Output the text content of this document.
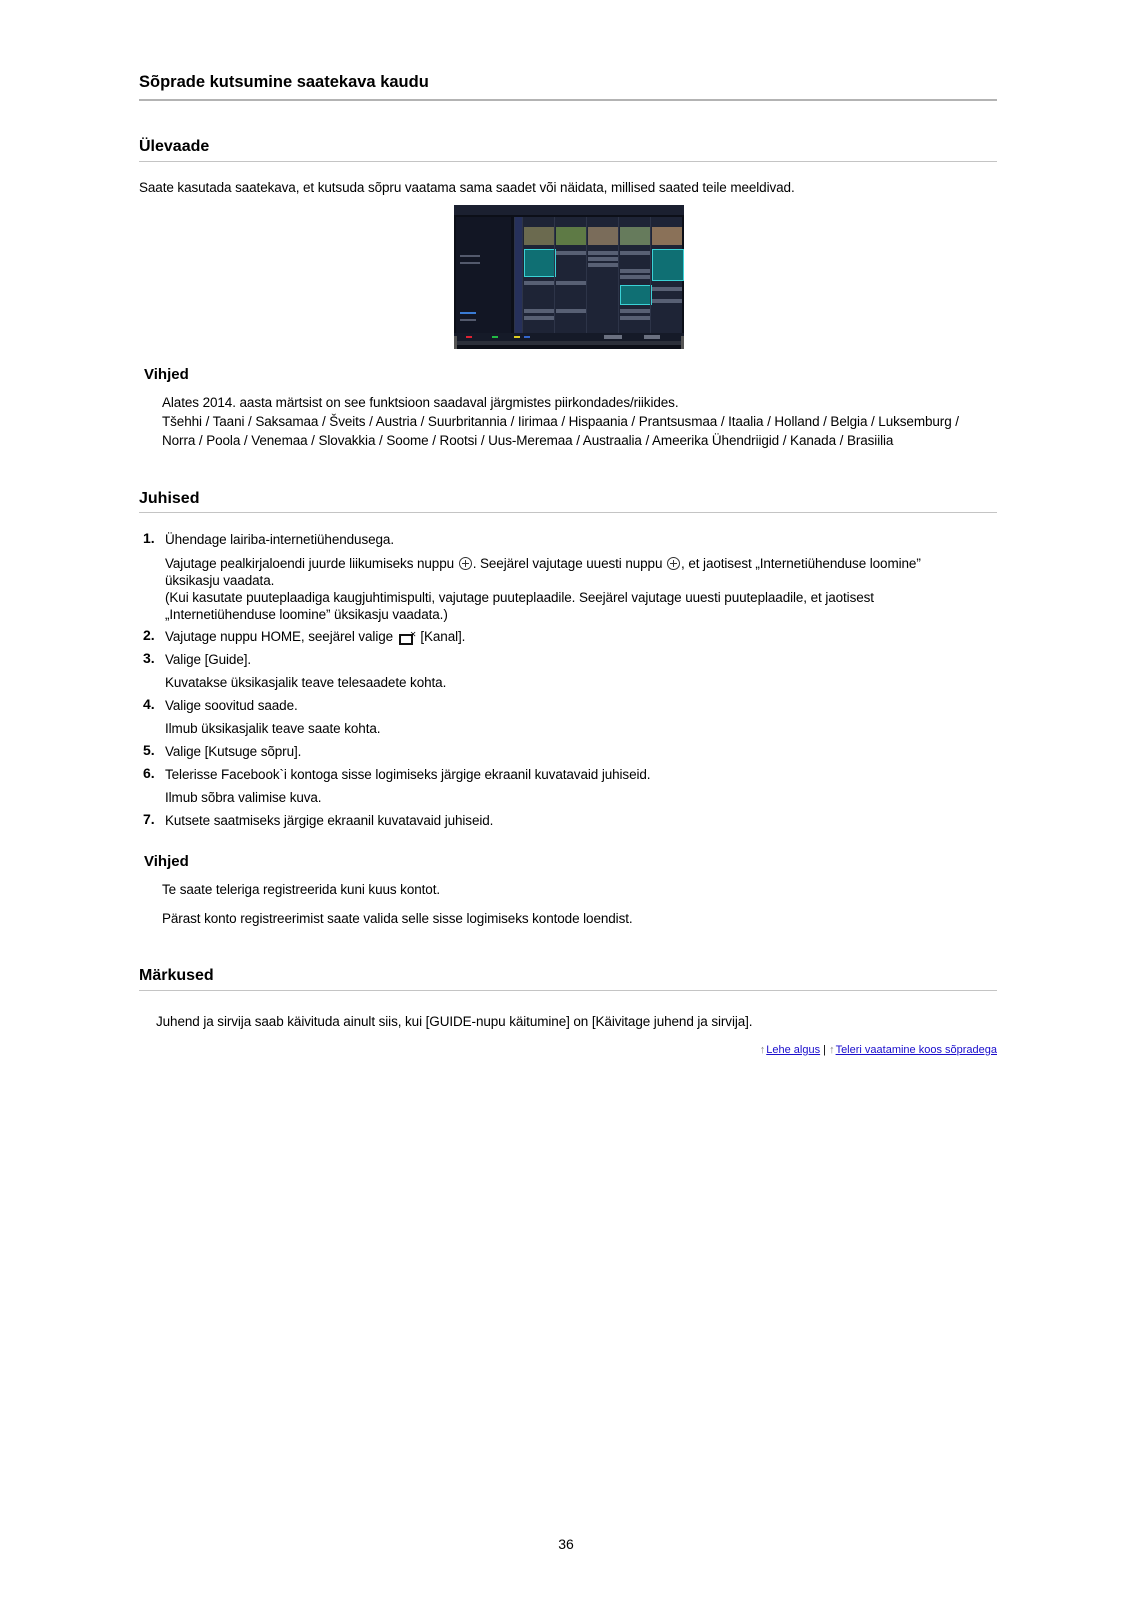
Sõprade kutsumine saatekava kaudu
Ülevaade
Saate kasutada saatekava, et kutsuda sõpru vaatama sama saadet või näidata, millised saated teile meeldivad.
Vihjed
Alates 2014. aasta märtsist on see funktsioon saadaval järgmistes piirkondades/riikides.
Tšehhi / Taani / Saksamaa / Šveits / Austria / Suurbritannia / Iirimaa / Hispaania / Prantsusmaa / Itaalia / Holland / Belgia / Luksemburg /
Norra / Poola / Venemaa / Slovakkia / Soome / Rootsi / Uus-Meremaa / Austraalia / Ameerika Ühendriigid / Kanada / Brasiilia
Juhised
1. Ühendage lairiba-internetiühendusega.
Vajutage pealkirjaloendi juurde liikumiseks nuppu . Seejärel vajutage uuesti nuppu , et jaotisest „Internetiühenduse loomine”
üksikasju vaadata.
(Kui kasutate puuteplaadiga kaugjuhtimispulti, vajutage puuteplaadile. Seejärel vajutage uuesti puuteplaadile, et jaotisest
„Internetiühenduse loomine” üksikasju vaadata.)
2. Vajutage nuppu HOME, seejärel valige ✕ [Kanal].
3. Valige [Guide].
Kuvatakse üksikasjalik teave telesaadete kohta.
4. Valige soovitud saade.
Ilmub üksikasjalik teave saate kohta.
5. Valige [Kutsuge sõpru].
6. Telerisse Facebook`i kontoga sisse logimiseks järgige ekraanil kuvatavaid juhiseid.
Ilmub sõbra valimise kuva.
7. Kutsete saatmiseks järgige ekraanil kuvatavaid juhiseid.
Vihjed
Te saate teleriga registreerida kuni kuus kontot.
Pärast konto registreerimist saate valida selle sisse logimiseks kontode loendist.
Märkused
Juhend ja sirvija saab käivituda ainult siis, kui [GUIDE-nupu käitumine] on [Käivitage juhend ja sirvija].
↑Lehe algus | ↑Teleri vaatamine koos sõpradega
36
